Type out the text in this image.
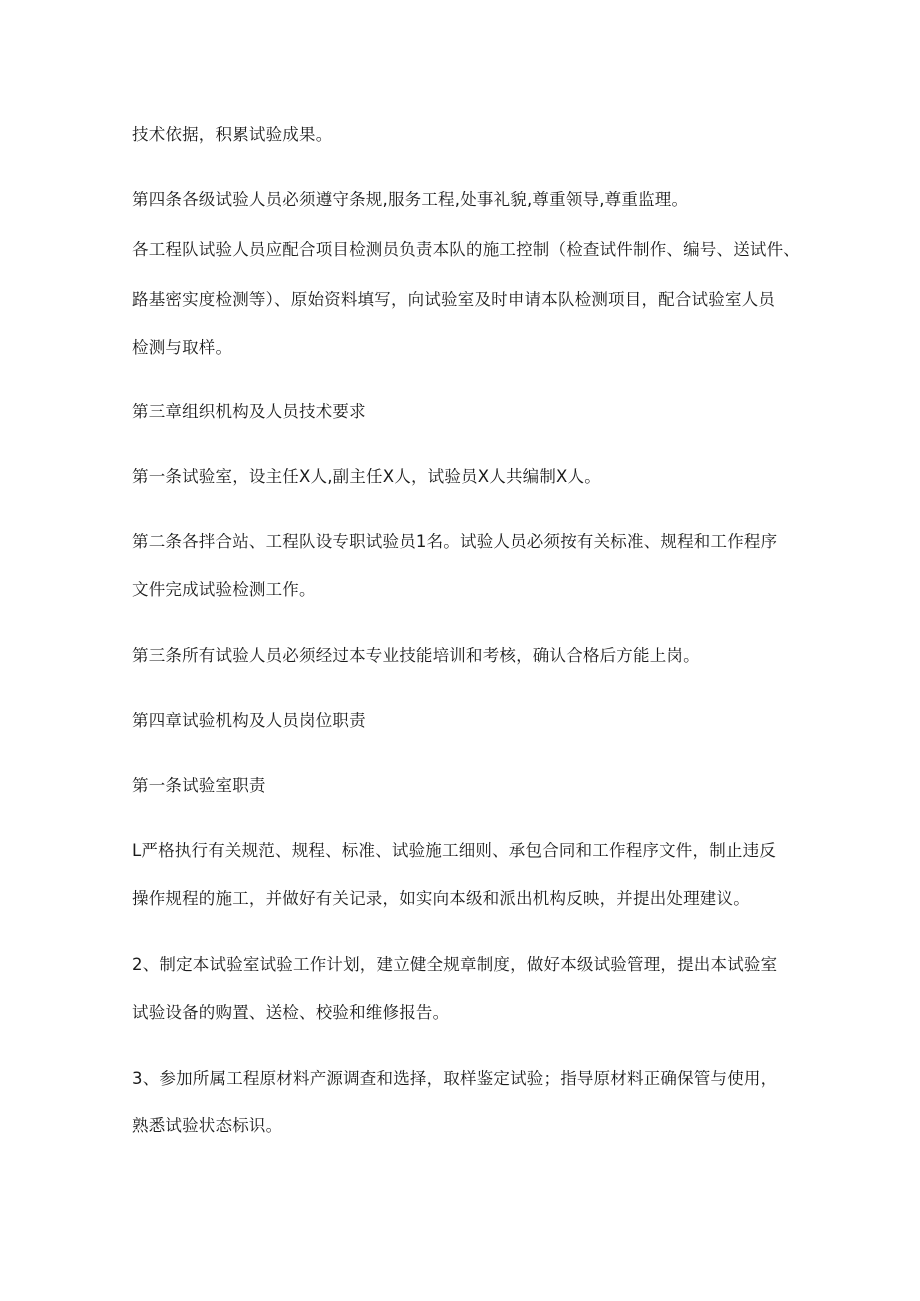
技术依据，积累试验成果。
第四条各级试验人员必须遵守条规,服务工程,处事礼貌,尊重领导,尊重监理。
各工程队试验人员应配合项目检测员负责本队的施工控制（检查试件制作、编号、送试件、
路基密实度检测等）、原始资料填写，向试验室及时申请本队检测项目，配合试验室人员
检测与取样。
第三章组织机构及人员技术要求
第一条试验室，设主任X人,副主任X人，试验员X人共编制X人。
第二条各拌合站、工程队设专职试验员1名。试验人员必须按有关标准、规程和工作程序
文件完成试验检测工作。
第三条所有试验人员必须经过本专业技能培训和考核，确认合格后方能上岗。
第四章试验机构及人员岗位职责
第一条试验室职责
L严格执行有关规范、规程、标准、试验施工细则、承包合同和工作程序文件，制止违反
操作规程的施工，并做好有关记录，如实向本级和派出机构反映，并提出处理建议。
2、制定本试验室试验工作计划，建立健全规章制度，做好本级试验管理，提出本试验室
试验设备的购置、送检、校验和维修报告。
3、参加所属工程原材料产源调查和选择，取样鉴定试验；指导原材料正确保管与使用，
熟悉试验状态标识。
